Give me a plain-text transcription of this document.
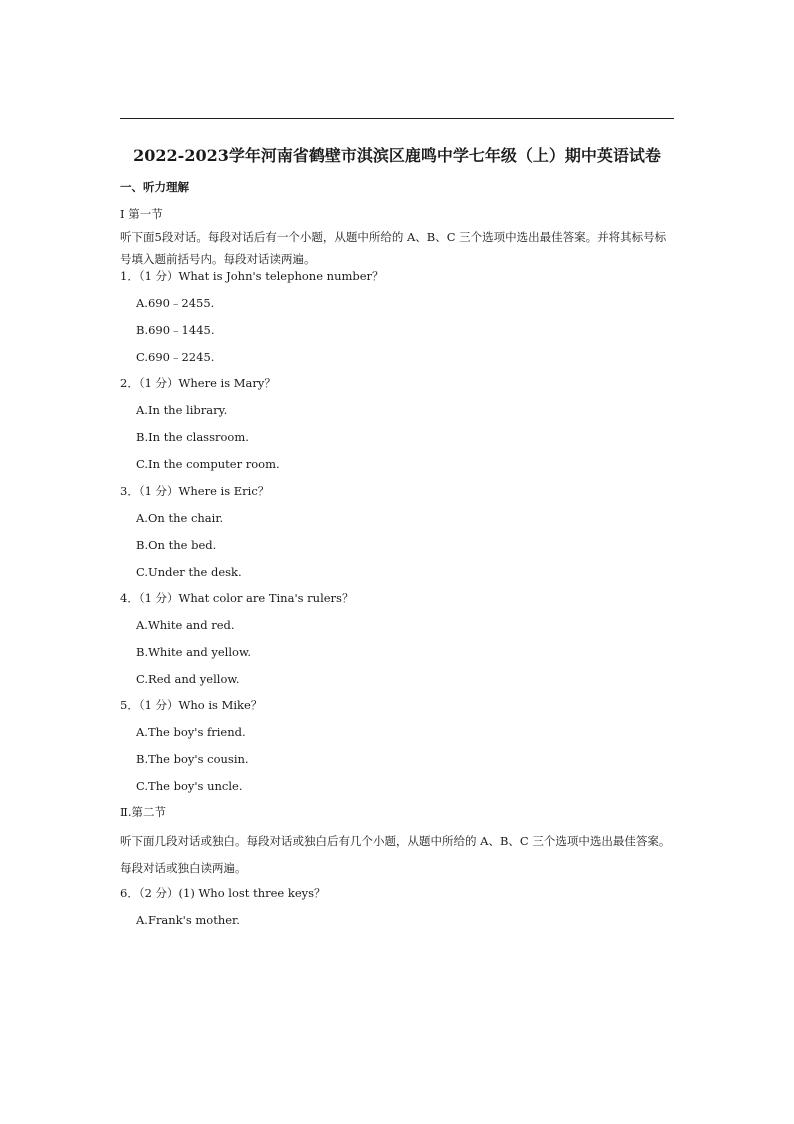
2022-2023学年河南省鹤壁市淇滨区鹿鸣中学七年级（上）期中英语试卷
一、听力理解
Ⅰ 第一节
听下面5段对话。每段对话后有一个小题，从题中所给的 A、B、C 三个选项中选出最佳答案。并将其标号标号填入题前括号内。每段对话读两遍。
1．（1 分）What is John's telephone number？
A.690﹣2455.
B.690﹣1445.
C.690﹣2245.
2．（1 分）Where is Mary？
A.In the library.
B.In the classroom.
C.In the computer room.
3．（1 分）Where is Eric？
A.On the chair.
B.On the bed.
C.Under the desk.
4．（1 分）What color are Tina's rulers？
A.White and red.
B.White and yellow.
C.Red and yellow.
5．（1 分）Who is Mike？
A.The boy's friend.
B.The boy's cousin.
C.The boy's uncle.
Ⅱ.第二节
听下面几段对话或独白。每段对话或独白后有几个小题，从题中所给的 A、B、C 三个选项中选出最佳答案。每段对话或独白读两遍。
6．（2 分）(1) Who lost three keys？
A.Frank's mother.
